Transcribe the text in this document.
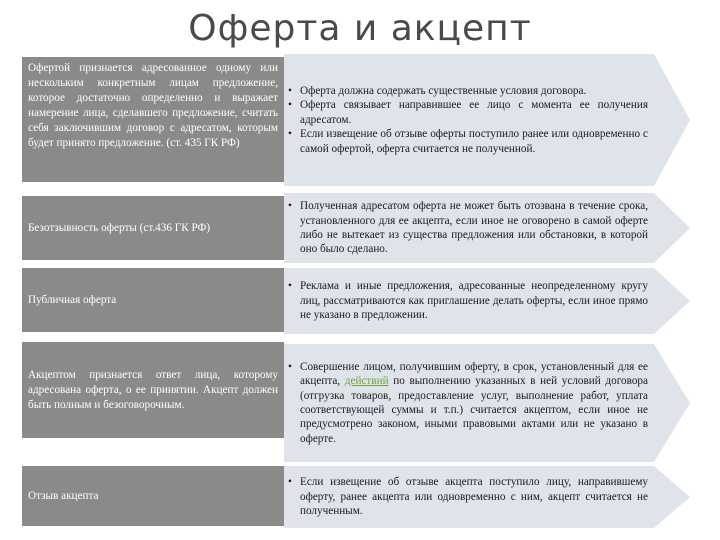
Оферта и акцепт
Офертой признается адресованное одному или нескольким конкретным лицам предложение, которое достаточно определенно и выражает намерение лица, сделавшего предложение, считать себя заключившим договор с адресатом, которым будет принято предложение. (ст. 435 ГК РФ)
• Оферта должна содержать существенные условия договора.
• Оферта связывает направившее ее лицо с момента ее получения адресатом.
• Если извещение об отзыве оферты поступило ранее или одновременно с самой офертой, оферта считается не полученной.
Безотзывность оферты (ст.436 ГК РФ)
• Полученная адресатом оферта не может быть отозвана в течение срока, установленного для ее акцепта, если иное не оговорено в самой оферте либо не вытекает из существа предложения или обстановки, в которой оно было сделано.
Публичная оферта
• Реклама и иные предложения, адресованные неопределенному кругу лиц, рассматриваются как приглашение делать оферты, если иное прямо не указано в предложении.
Акцептом признается ответ лица, которому адресована оферта, о ее принятии. Акцепт должен быть полным и безоговорочным.
• Совершение лицом, получившим оферту, в срок, установленный для ее акцепта, действий по выполнению указанных в ней условий договора (отгрузка товаров, предоставление услуг, выполнение работ, уплата соответствующей суммы и т.п.) считается акцептом, если иное не предусмотрено законом, иными правовыми актами или не указано в оферте.
Отзыв акцепта
• Если извещение об отзыве акцепта поступило лицу, направившему оферту, ранее акцепта или одновременно с ним, акцепт считается не полученным.
